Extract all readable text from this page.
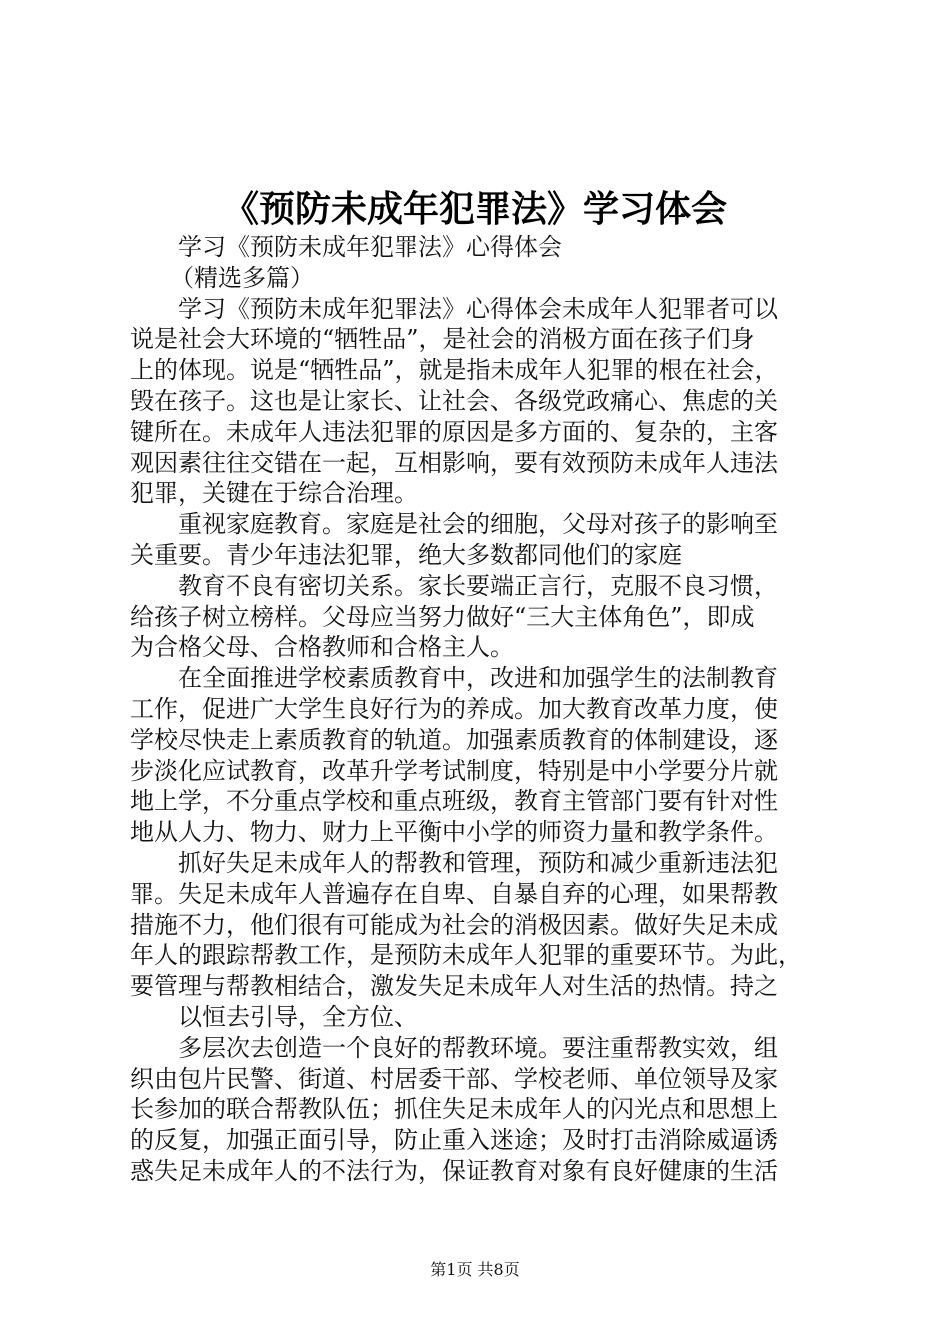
《预防未成年犯罪法》学习体会
学习《预防未成年犯罪法》心得体会
（精选多篇）
学习《预防未成年犯罪法》心得体会未成年人犯罪者可以
说是社会大环境的“牺牲品”，是社会的消极方面在孩子们身
上的体现。说是“牺牲品”，就是指未成年人犯罪的根在社会，
毁在孩子。这也是让家长、让社会、各级党政痛心、焦虑的关
键所在。未成年人违法犯罪的原因是多方面的、复杂的，主客
观因素往往交错在一起，互相影响，要有效预防未成年人违法
犯罪，关键在于综合治理。
重视家庭教育。家庭是社会的细胞，父母对孩子的影响至
关重要。青少年违法犯罪，绝大多数都同他们的家庭
教育不良有密切关系。家长要端正言行，克服不良习惯，
给孩子树立榜样。父母应当努力做好“三大主体角色”，即成
为合格父母、合格教师和合格主人。
在全面推进学校素质教育中，改进和加强学生的法制教育
工作，促进广大学生良好行为的养成。加大教育改革力度，使
学校尽快走上素质教育的轨道。加强素质教育的体制建设，逐
步淡化应试教育，改革升学考试制度，特别是中小学要分片就
地上学，不分重点学校和重点班级，教育主管部门要有针对性
地从人力、物力、财力上平衡中小学的师资力量和教学条件。
抓好失足未成年人的帮教和管理，预防和减少重新违法犯
罪。失足未成年人普遍存在自卑、自暴自弃的心理，如果帮教
措施不力，他们很有可能成为社会的消极因素。做好失足未成
年人的跟踪帮教工作，是预防未成年人犯罪的重要环节。为此，
要管理与帮教相结合，激发失足未成年人对生活的热情。持之
以恒去引导，全方位、
多层次去创造一个良好的帮教环境。要注重帮教实效，组
织由包片民警、街道、村居委干部、学校老师、单位领导及家
长参加的联合帮教队伍；抓住失足未成年人的闪光点和思想上
的反复，加强正面引导，防止重入迷途；及时打击消除威逼诱
惑失足未成年人的不法行为，保证教育对象有良好健康的生活
第1页 共8页
